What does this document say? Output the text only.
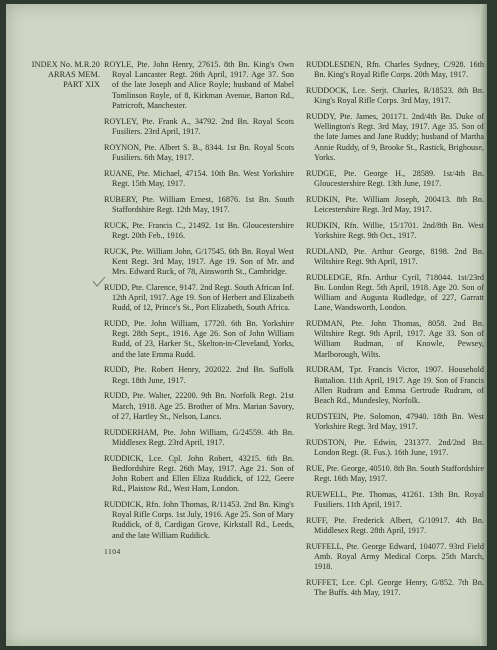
INDEX No. M.R.20
ARRAS MEM.
PART XIX

ROYLE, Pte. John Henry, 27615. 8th Bn. King's Own Royal Lancaster Regt. 26th April, 1917. Age 37. Son of the late Joseph and Alice Royle; husband of Mabel Tomlinson Royle, of 8, Kirkman Avenue, Barton Rd., Patricroft, Manchester.

ROYLEY, Pte. Frank A., 34792. 2nd Bn. Royal Scots Fusiliers. 23rd April, 1917.

ROYNON, Pte. Albert S. B., 8344. 1st Bn. Royal Scots Fusiliers. 6th May, 1917.

RUANE, Pte. Michael, 47154. 10th Bn. West Yorkshire Regt. 15th May, 1917.

RUBERY, Pte. William Ernest, 16876. 1st Bn. South Staffordshire Regt. 12th May, 1917.

RUCK, Pte. Francis C., 21492. 1st Bn. Gloucestershire Regt. 20th Feb., 1916.

RUCK, Pte. William John, G/17545. 6th Bn. Royal West Kent Regt. 3rd May, 1917. Age 19. Son of Mr. and Mrs. Edward Ruck, of 78, Ainsworth St., Cambridge.

RUDD, Pte. Clarence, 9147. 2nd Regt. South African Inf. 12th April, 1917. Age 19. Son of Herbert and Elizabeth Rudd, of 12, Prince's St., Port Elizabeth, South Africa.

RUDD, Pte. John William, 17720. 6th Bn. Yorkshire Regt. 28th Sept., 1916. Age 26. Son of John William Rudd, of 23, Harker St., Skelton-in-Cleveland, Yorks, and the late Emma Rudd.

RUDD, Pte. Robert Henry, 202022. 2nd Bn. Suffolk Regt. 18th June, 1917.

RUDD, Pte. Walter, 22200. 9th Bn. Norfolk Regt. 21st March, 1918. Age 25. Brother of Mrs. Marian Savory, of 27, Hartley St., Nelson, Lancs.

RUDDERHAM, Pte. John William, G/24559. 4th Bn. Middlesex Regt. 23rd April, 1917.

RUDDICK, Lce. Cpl. John Robert, 43215. 6th Bn. Bedfordshire Regt. 26th May, 1917. Age 21. Son of John Robert and Ellen Eliza Ruddick, of 122, Geere Rd., Plaistow Rd., West Ham, London.

RUDDICK, Rfn. John Thomas, R/11453. 2nd Bn. King's Royal Rifle Corps. 1st July, 1916. Age 25. Son of Mary Ruddick, of 8, Cardigan Grove, Kirkstall Rd., Leeds, and the late William Ruddick.

RUDDLESDEN, Rfn. Charles Sydney, C/928. 16th Bn. King's Royal Rifle Corps. 20th May, 1917.

RUDDOCK, Lce. Serjt. Charles, R/18523. 8th Bn. King's Royal Rifle Corps. 3rd May, 1917.

RUDDY, Pte. James, 201171. 2nd/4th Bn. Duke of Wellington's Regt. 3rd May, 1917. Age 35. Son of the late James and Jane Ruddy; husband of Martha Annie Ruddy, of 9, Brooke St., Rastick, Brighouse, Yorks.

RUDGE, Pte. George H., 28589. 1st/4th Bn. Gloucestershire Regt. 13th June, 1917.

RUDKIN, Pte. William Joseph, 200413. 8th Bn. Leicestershire Regt. 3rd May, 1917.

RUDKIN, Rfn. Willie, 15/1701. 2nd/8th Bn. West Yorkshire Regt. 9th Oct., 1917.

RUDLAND, Pte. Arthur George, 8198. 2nd Bn. Wiltshire Regt. 9th April, 1917.

RUDLEDGE, Rfn. Arthur Cyril, 718044. 1st/23rd Bn. London Regt. 5th April, 1918. Age 20. Son of William and Augusta Rudledge, of 227, Garratt Lane, Wandsworth, London.

RUDMAN, Pte. John Thomas, 8058. 2nd Bn. Wiltshire Regt. 9th April, 1917. Age 33. Son of William Rudman, of Knowle, Pewsey, Marlborough, Wilts.

RUDRAM, Tpr. Francis Victor, 1907. Household Battalion. 11th April, 1917. Age 19. Son of Francis Allen Rudram and Emma Gertrude Rudram, of Beach Rd., Mundesley, Norfolk.

RUDSTEIN, Pte. Solomon, 47940. 18th Bn. West Yorkshire Regt. 3rd May, 1917.

RUDSTON, Pte. Edwin, 231377. 2nd/2nd Bn. London Regt. (R. Fus.). 16th June, 1917.

RUE, Pte. George, 40510. 8th Bn. South Staffordshire Regt. 16th May, 1917.

RUEWELL, Pte. Thomas, 41261. 13th Bn. Royal Fusiliers. 11th April, 1917.

RUFF, Pte. Frederick Albert, G/10917. 4th Bn. Middlesex Regt. 28th April, 1917.

RUFFELL, Pte. George Edward, 104077. 93rd Field Amb. Royal Army Medical Corps. 25th March, 1918.

RUFFET, Lce. Cpl. George Henry, G/852. 7th Bn. The Buffs. 4th May, 1917.

1104
